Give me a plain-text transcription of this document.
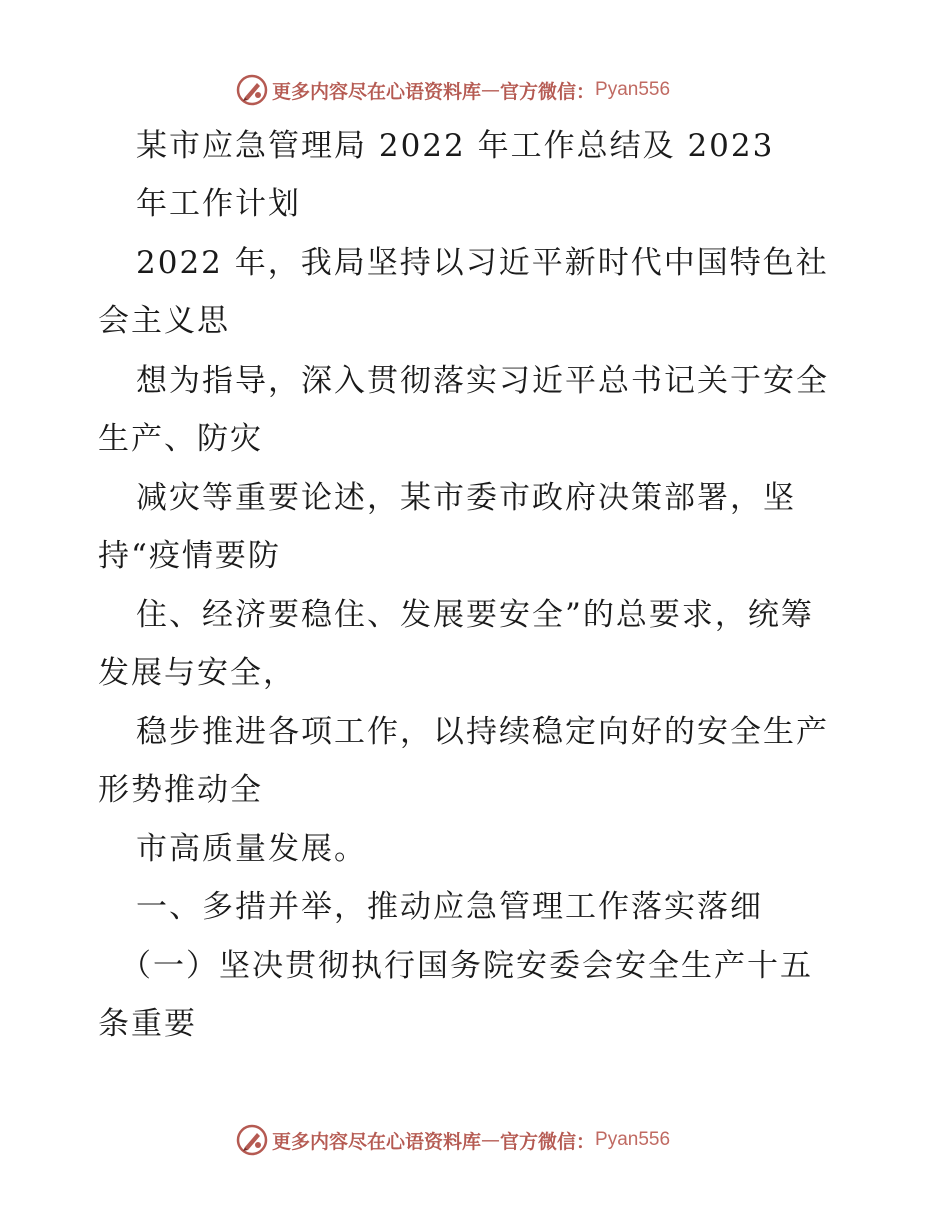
更多内容尽在心语资料库 — 官方微信： Pyan556
某市应急管理局 2022 年工作总结及 2023
年工作计划
2022 年，我局坚持以习近平新时代中国特色社
会主义思
想为指导，深入贯彻落实习近平总书记关于安全
生产、防灾
减灾等重要论述，某市委市政府决策部署，坚
持“疫情要防
住、经济要稳住、发展要安全”的总要求，统筹
发展与安全，
稳步推进各项工作，以持续稳定向好的安全生产
形势推动全
市高质量发展。
一、多措并举，推动应急管理工作落实落细
（一）坚决贯彻执行国务院安委会安全生产十五
条重要
更多内容尽在心语资料库 — 官方微信： Pyan556
